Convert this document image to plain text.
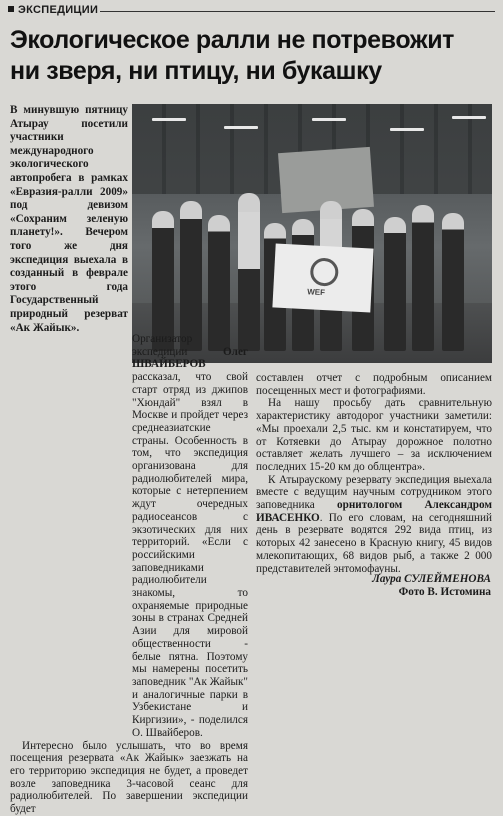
ЭКСПЕДИЦИИ
Экологическое ралли не потревожит
ни зверя, ни птицу, ни букашку

В минувшую пятницу Атырау посетили участники международного экологического автопробега в рамках «Евразия-ралли 2009» под девизом «Сохраним зеленую планету!». Вечером того же дня экспедиция выехала в созданный в феврале этого года Государственный природный резерват «Ак Жайык».

WEF

Организатор экспедиции Олег ШВАЙБЕРОВ рассказал, что свой старт отряд из джипов "Хюндай" взял в Москве и пройдет через среднеазиатские страны. Особенность в том, что экспедиция организована для радиолюбителей мира, которые с нетерпением ждут очередных радиосеансов с экзотических для них территорий. «Если с российскими заповедниками радиолюбители знакомы, то охраняемые природные зоны в странах Средней Азии для мировой общественности - белые пятна. Поэтому мы намерены посетить заповедник "Ак Жайык" и аналогичные парки в Узбекистане и Киргизии», - поделился О. Швайберов.

Интересно было услышать, что во время посещения резервата «Ак Жайык» заезжать на его территорию экспедиция не будет, а проведет возле заповедника 3-часовой сеанс для радиолюбителей. По завершении экспедиции будет

составлен отчет с подробным описанием посещенных мест и фотографиями.

На нашу просьбу дать сравнительную характеристику автодорог участники заметили: «Мы проехали 2,5 тыс. км и констатируем, что от Котяевки до Атырау дорожное полотно оставляет желать лучшего – за исключением последних 15-20 км до облцентра».

К Атыраускому резервату экспедиция выехала вместе с ведущим научным сотрудником этого заповедника орнитологом Александром ИВАСЕНКО. По его словам, на сегодняшний день в резервате водятся 292 вида птиц, из которых 42 занесено в Красную книгу, 45 видов млекопитающих, 68 видов рыб, а также 2 000 представителей энтомофауны.

Лаура СУЛЕЙМЕНОВА
Фото В. Истомина
